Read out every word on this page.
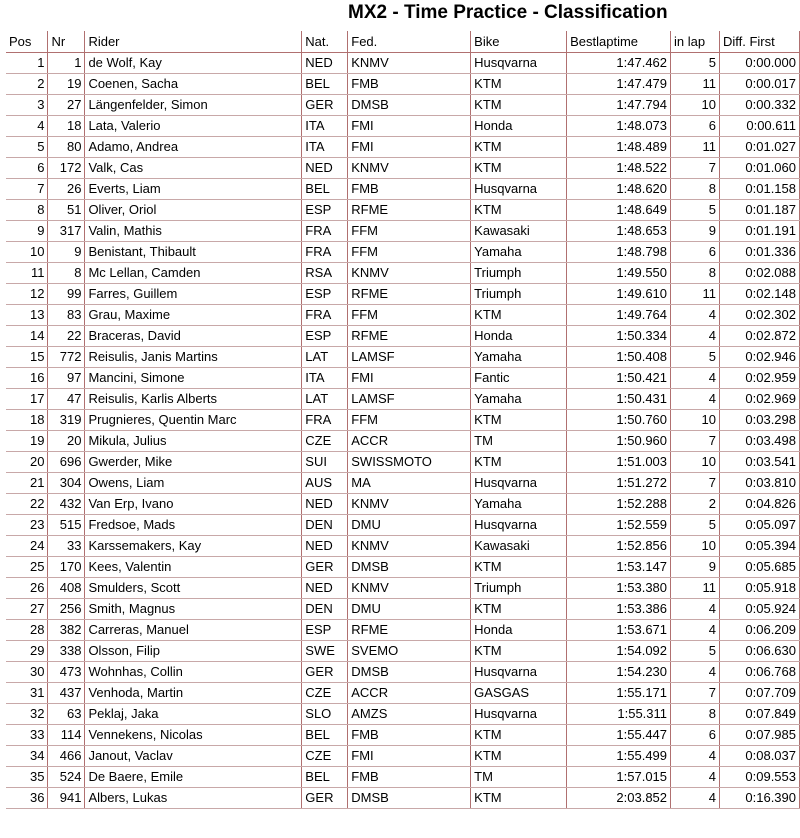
MX2 - Time Practice - Classification
Pos	Nr	Rider	Nat.	Fed.	Bike	Bestlaptime	in lap	Diff. First
1	1	de Wolf, Kay	NED	KNMV	Husqvarna	1:47.462	5	0:00.000
2	19	Coenen, Sacha	BEL	FMB	KTM	1:47.479	11	0:00.017
3	27	Längenfelder, Simon	GER	DMSB	KTM	1:47.794	10	0:00.332
4	18	Lata, Valerio	ITA	FMI	Honda	1:48.073	6	0:00.611
5	80	Adamo, Andrea	ITA	FMI	KTM	1:48.489	11	0:01.027
6	172	Valk, Cas	NED	KNMV	KTM	1:48.522	7	0:01.060
7	26	Everts, Liam	BEL	FMB	Husqvarna	1:48.620	8	0:01.158
8	51	Oliver, Oriol	ESP	RFME	KTM	1:48.649	5	0:01.187
9	317	Valin, Mathis	FRA	FFM	Kawasaki	1:48.653	9	0:01.191
10	9	Benistant, Thibault	FRA	FFM	Yamaha	1:48.798	6	0:01.336
11	8	Mc Lellan, Camden	RSA	KNMV	Triumph	1:49.550	8	0:02.088
12	99	Farres, Guillem	ESP	RFME	Triumph	1:49.610	11	0:02.148
13	83	Grau, Maxime	FRA	FFM	KTM	1:49.764	4	0:02.302
14	22	Braceras, David	ESP	RFME	Honda	1:50.334	4	0:02.872
15	772	Reisulis, Janis Martins	LAT	LAMSF	Yamaha	1:50.408	5	0:02.946
16	97	Mancini, Simone	ITA	FMI	Fantic	1:50.421	4	0:02.959
17	47	Reisulis, Karlis Alberts	LAT	LAMSF	Yamaha	1:50.431	4	0:02.969
18	319	Prugnieres, Quentin Marc	FRA	FFM	KTM	1:50.760	10	0:03.298
19	20	Mikula, Julius	CZE	ACCR	TM	1:50.960	7	0:03.498
20	696	Gwerder, Mike	SUI	SWISSMOTO	KTM	1:51.003	10	0:03.541
21	304	Owens, Liam	AUS	MA	Husqvarna	1:51.272	7	0:03.810
22	432	Van Erp, Ivano	NED	KNMV	Yamaha	1:52.288	2	0:04.826
23	515	Fredsoe, Mads	DEN	DMU	Husqvarna	1:52.559	5	0:05.097
24	33	Karssemakers, Kay	NED	KNMV	Kawasaki	1:52.856	10	0:05.394
25	170	Kees, Valentin	GER	DMSB	KTM	1:53.147	9	0:05.685
26	408	Smulders, Scott	NED	KNMV	Triumph	1:53.380	11	0:05.918
27	256	Smith, Magnus	DEN	DMU	KTM	1:53.386	4	0:05.924
28	382	Carreras, Manuel	ESP	RFME	Honda	1:53.671	4	0:06.209
29	338	Olsson, Filip	SWE	SVEMO	KTM	1:54.092	5	0:06.630
30	473	Wohnhas, Collin	GER	DMSB	Husqvarna	1:54.230	4	0:06.768
31	437	Venhoda, Martin	CZE	ACCR	GASGAS	1:55.171	7	0:07.709
32	63	Peklaj, Jaka	SLO	AMZS	Husqvarna	1:55.311	8	0:07.849
33	114	Vennekens, Nicolas	BEL	FMB	KTM	1:55.447	6	0:07.985
34	466	Janout, Vaclav	CZE	FMI	KTM	1:55.499	4	0:08.037
35	524	De Baere, Emile	BEL	FMB	TM	1:57.015	4	0:09.553
36	941	Albers, Lukas	GER	DMSB	KTM	2:03.852	4	0:16.390
